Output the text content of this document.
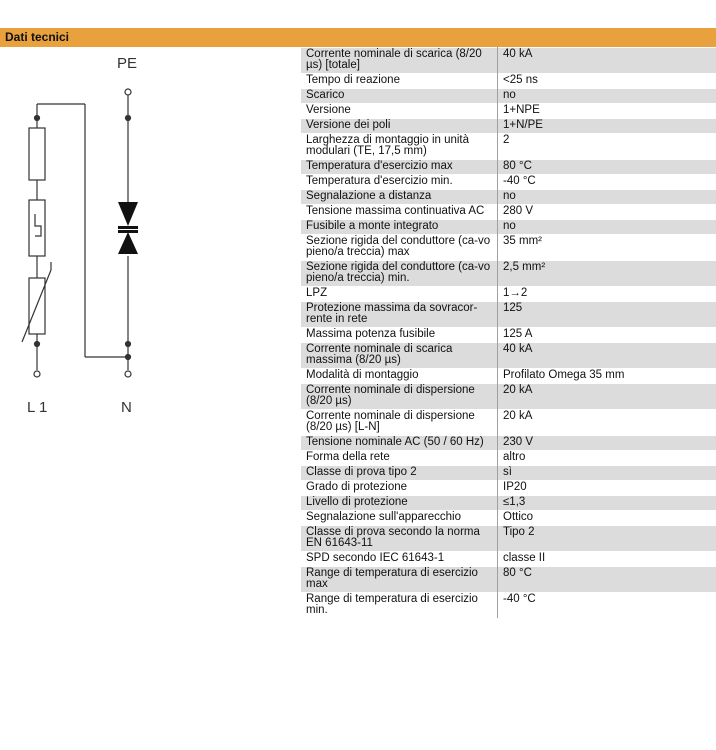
Dati tecnici
PE
L 1	N
Corrente nominale di scarica (8/20 µs) [totale]	40 kA
Tempo di reazione	<25 ns
Scarico	no
Versione	1+NPE
Versione dei poli	1+N/PE
Larghezza di montaggio in unità modulari (TE, 17,5 mm)	2
Temperatura d'esercizio max	80 °C
Temperatura d'esercizio min.	-40 °C
Segnalazione a distanza	no
Tensione massima continuativa AC	280 V
Fusibile a monte integrato	no
Sezione rigida del conduttore (ca-vo pieno/a treccia) max	35 mm²
Sezione rigida del conduttore (ca-vo pieno/a treccia) min.	2,5 mm²
LPZ	1→2
Protezione massima da sovracor-rente in rete	125
Massima potenza fusibile	125 A
Corrente nominale di scarica massima (8/20 µs)	40 kA
Modalità di montaggio	Profilato Omega 35 mm
Corrente nominale di dispersione (8/20 µs)	20 kA
Corrente nominale di dispersione (8/20 µs) [L-N]	20 kA
Tensione nominale AC (50 / 60 Hz)	230 V
Forma della rete	altro
Classe di prova tipo 2	sì
Grado di protezione	IP20
Livello di protezione	≤1,3
Segnalazione sull'apparecchio	Ottico
Classe di prova secondo la norma EN 61643-11	Tipo 2
SPD secondo IEC 61643-1	classe II
Range di temperatura di esercizio max	80 °C
Range di temperatura di esercizio min.	-40 °C
